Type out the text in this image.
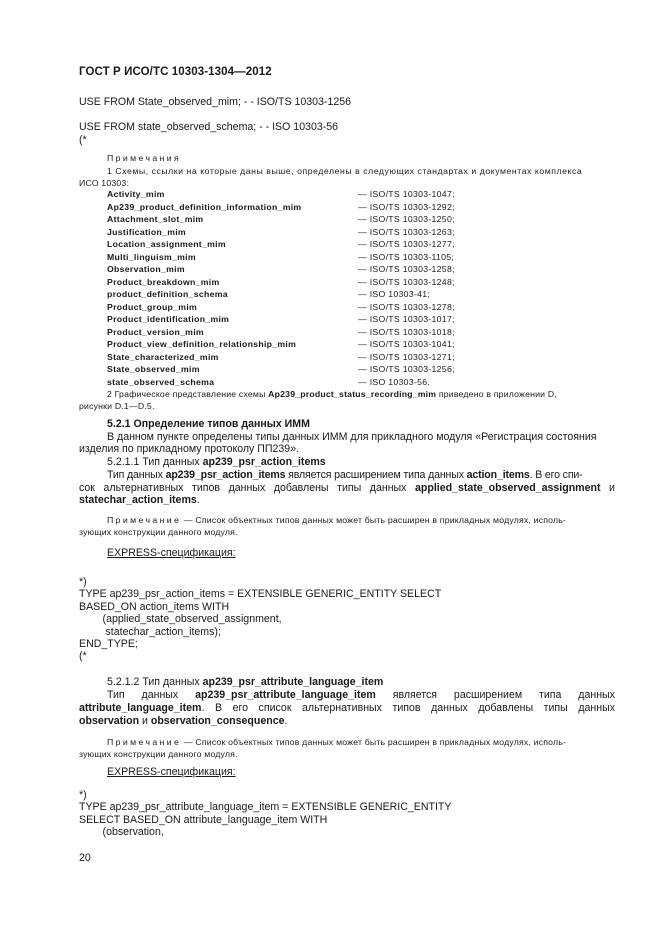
ГОСТ Р ИСО/ТС 10303-1304—2012
USE FROM State_observed_mim; - - ISO/TS 10303-1256
USE FROM state_observed_schema; - - ISO 10303-56
(*
Примечания
1 Схемы, ссылки на которые даны выше, определены в следующих стандартах и документах комплекса
ИСО 10303:
Activity_mim	— ISO/TS 10303-1047;
Ap239_product_definition_information_mim	— ISO/TS 10303-1292;
Attachment_slot_mim	— ISO/TS 10303-1250;
Justification_mim	— ISO/TS 10303-1263;
Location_assignment_mim	— ISO/TS 10303-1277;
Multi_linguism_mim	— ISO/TS 10303-1105;
Observation_mim	— ISO/TS 10303-1258;
Product_breakdown_mim	— ISO/TS 10303-1248;
product_definition_schema	— ISO 10303-41;
Product_group_mim	— ISO/TS 10303-1278;
Product_identification_mim	— ISO/TS 10303-1017;
Product_version_mim	— ISO/TS 10303-1018;
Product_view_definition_relationship_mim	— ISO/TS 10303-1041;
State_characterized_mim	— ISO/TS 10303-1271;
State_observed_mim	— ISO/TS 10303-1256;
state_observed_schema	— ISO 10303-56.
2 Графическое представление схемы Ap239_product_status_recording_mim приведено в приложении D,
рисунки D.1—D.5.
5.2.1 Определение типов данных ИММ
В данном пункте определены типы данных ИММ для прикладного модуля «Регистрация состояния
изделия по прикладному протоколу ПП239».
5.2.1.1 Тип данных ap239_psr_action_items
Тип данных ap239_psr_action_items является расширением типа данных action_items. В его спи-
сок альтернативных типов данных добавлены типы данных applied_state_observed_assignment и
statechar_action_items.
Примечание — Список объектных типов данных может быть расширен в прикладных модулях, исполь-
зующих конструкции данного модуля.
EXPRESS-спецификация:
*)
TYPE ap239_psr_action_items = EXTENSIBLE GENERIC_ENTITY SELECT
BASED_ON action_items WITH
(applied_state_observed_assignment,
statechar_action_items);
END_TYPE;
(*
5.2.1.2 Тип данных ap239_psr_attribute_language_item
Тип данных ap239_psr_attribute_language_item является расширением типа данных
attribute_language_item. В его список альтернативных типов данных добавлены типы данных
observation и observation_consequence.
Примечание — Список объектных типов данных может быть расширен в прикладных модулях, исполь-
зующих конструкции данного модуля.
EXPRESS-спецификация:
*)
TYPE ap239_psr_attribute_language_item = EXTENSIBLE GENERIC_ENTITY
SELECT BASED_ON attribute_language_item WITH
(observation,
20
